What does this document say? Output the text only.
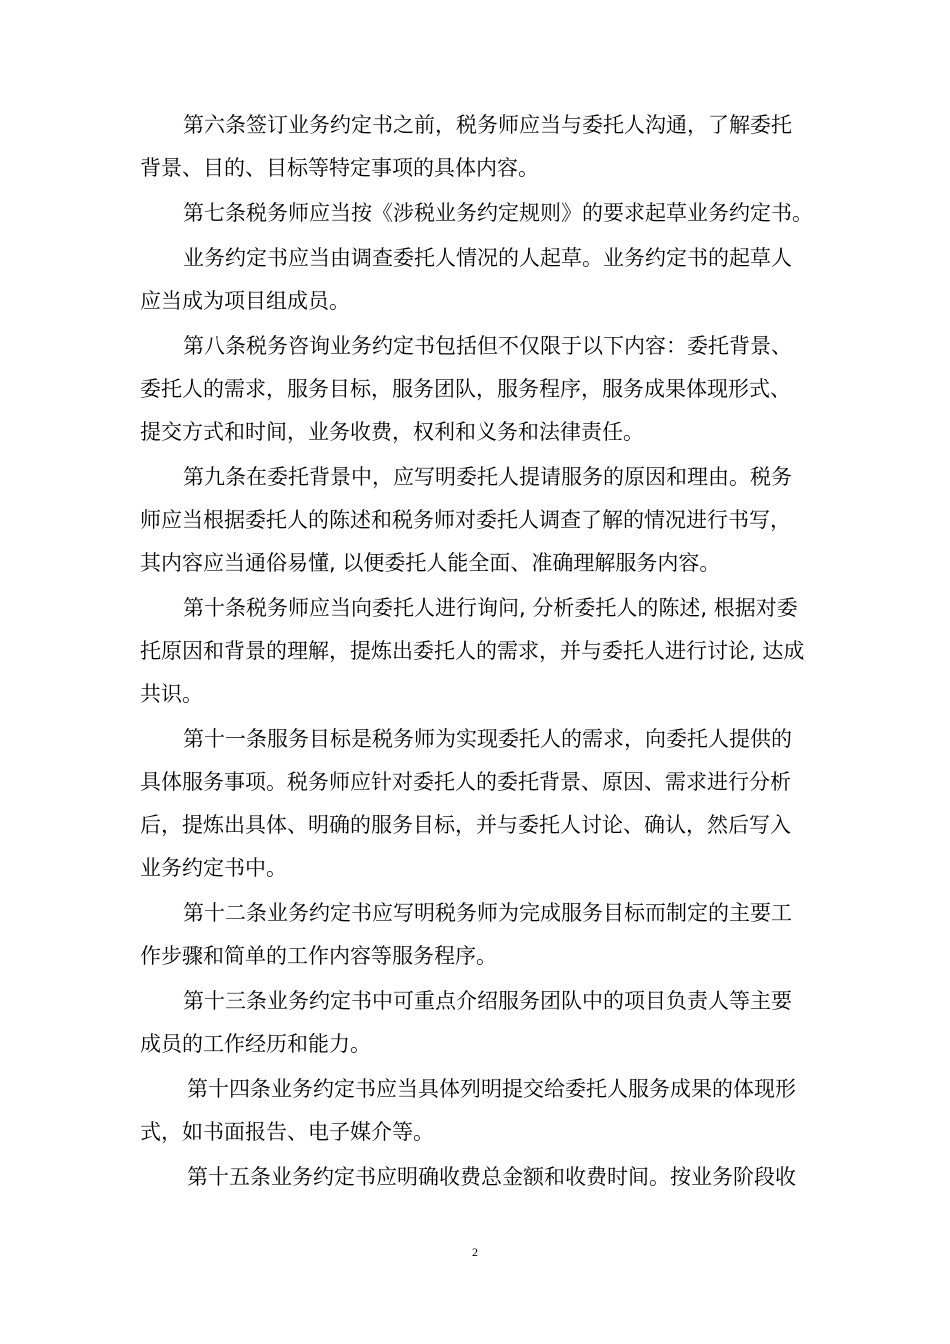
第六条签订业务约定书之前，税务师应当与委托人沟通，了解委托
背景、目的、目标等特定事项的具体内容。
第七条税务师应当按《涉税业务约定规则》的要求起草业务约定书。
业务约定书应当由调查委托人情况的人起草。业务约定书的起草人
应当成为项目组成员。
第八条税务咨询业务约定书包括但不仅限于以下内容：委托背景、
委托人的需求，服务目标，服务团队，服务程序，服务成果体现形式、
提交方式和时间，业务收费，权利和义务和法律责任。
第九条在委托背景中，应写明委托人提请服务的原因和理由。税务
师应当根据委托人的陈述和税务师对委托人调查了解的情况进行书写，
其内容应当通俗易懂, 以便委托人能全面、准确理解服务内容。
第十条税务师应当向委托人进行询问, 分析委托人的陈述, 根据对委
托原因和背景的理解，提炼出委托人的需求，并与委托人进行讨论, 达成
共识。
第十一条服务目标是税务师为实现委托人的需求，向委托人提供的
具体服务事项。税务师应针对委托人的委托背景、原因、需求进行分析
后，提炼出具体、明确的服务目标，并与委托人讨论、确认，然后写入
业务约定书中。
第十二条业务约定书应写明税务师为完成服务目标而制定的主要工
作步骤和简单的工作内容等服务程序。
第十三条业务约定书中可重点介绍服务团队中的项目负责人等主要
成员的工作经历和能力。
第十四条业务约定书应当具体列明提交给委托人服务成果的体现形
式，如书面报告、电子媒介等。
第十五条业务约定书应明确收费总金额和收费时间。按业务阶段收
2
